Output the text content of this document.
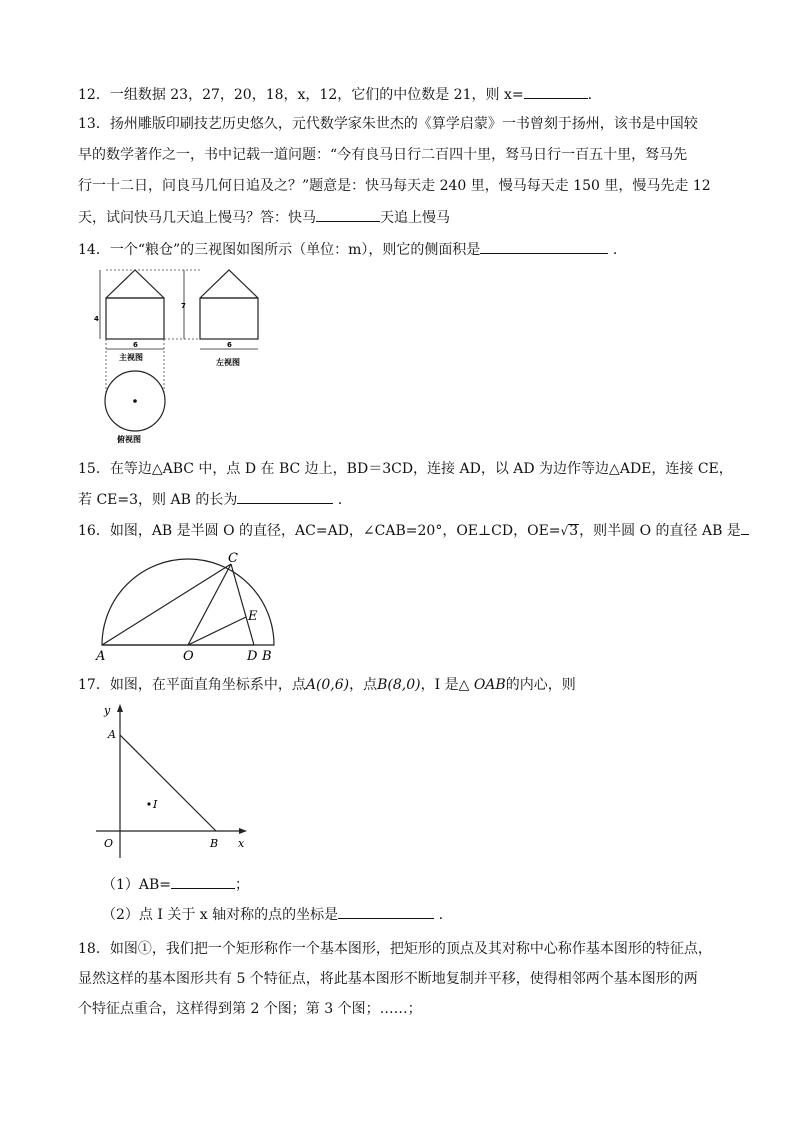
12．一组数据 23，27，20，18，x，12，它们的中位数是 21，则 x=	.
13．扬州雕版印刷技艺历史悠久，元代数学家朱世杰的《算学启蒙》一书曾刻于扬州，该书是中国较
早的数学著作之一，书中记载一道问题：“今有良马日行二百四十里，驽马日行一百五十里，驽马先
行一十二日，问良马几何日追及之？”题意是：快马每天走 240 里，慢马每天走 150 里，慢马先走 12
天，试问快马几天追上慢马？答：快马	天追上慢马
14．一个“粮仓”的三视图如图所示（单位：m），则它的侧面积是	.
7
4
6
主视图
6
左视图
俯视图
15．在等边△ABC 中，点 D 在 BC 边上，BD＝3CD，连接 AD，以 AD 为边作等边△ADE，连接 CE，
若 CE=3，则 AB 的长为	.
16．如图，AB 是半圆 O 的直径，AC=AD，∠CAB=20°，OE⊥CD，OE=√3，则半圆 O 的直径 AB 是
A	O	D B
C
E
17．如图，在平面直角坐标系中，点A(0,6)，点B(8,0)，I 是△ OAB的内心，则
y
x
A
O	B
I
（1）AB=	；
（2）点 I 关于 x 轴对称的点的坐标是	.
18．如图①，我们把一个矩形称作一个基本图形，把矩形的顶点及其对称中心称作基本图形的特征点，
显然这样的基本图形共有 5 个特征点，将此基本图形不断地复制并平移，使得相邻两个基本图形的两
个特征点重合，这样得到第 2 个图；第 3 个图；……；
